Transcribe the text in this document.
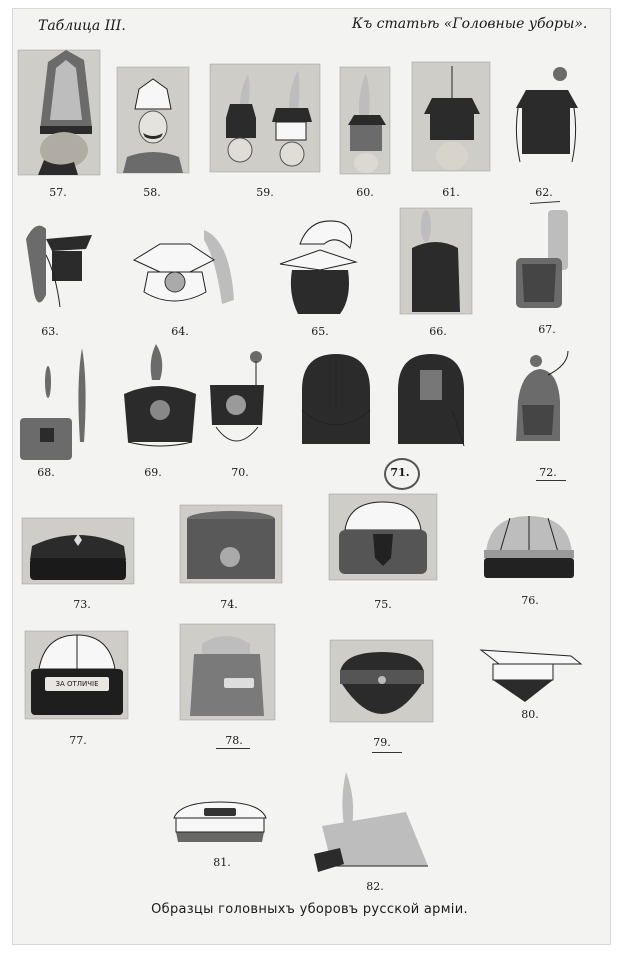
Таблица III.	Къ статьѣ «Головные уборы».
57.	58.	59.	60.	61.	62.
63.	64.	65.	66.	67.
68.	69.	70.	71.	72.
73.	74.	75.	76.
ЗА ОТЛИЧІЕ
77.	78.	79.
80.
81.
82.
Образцы головныхъ уборовъ русской арміи.
